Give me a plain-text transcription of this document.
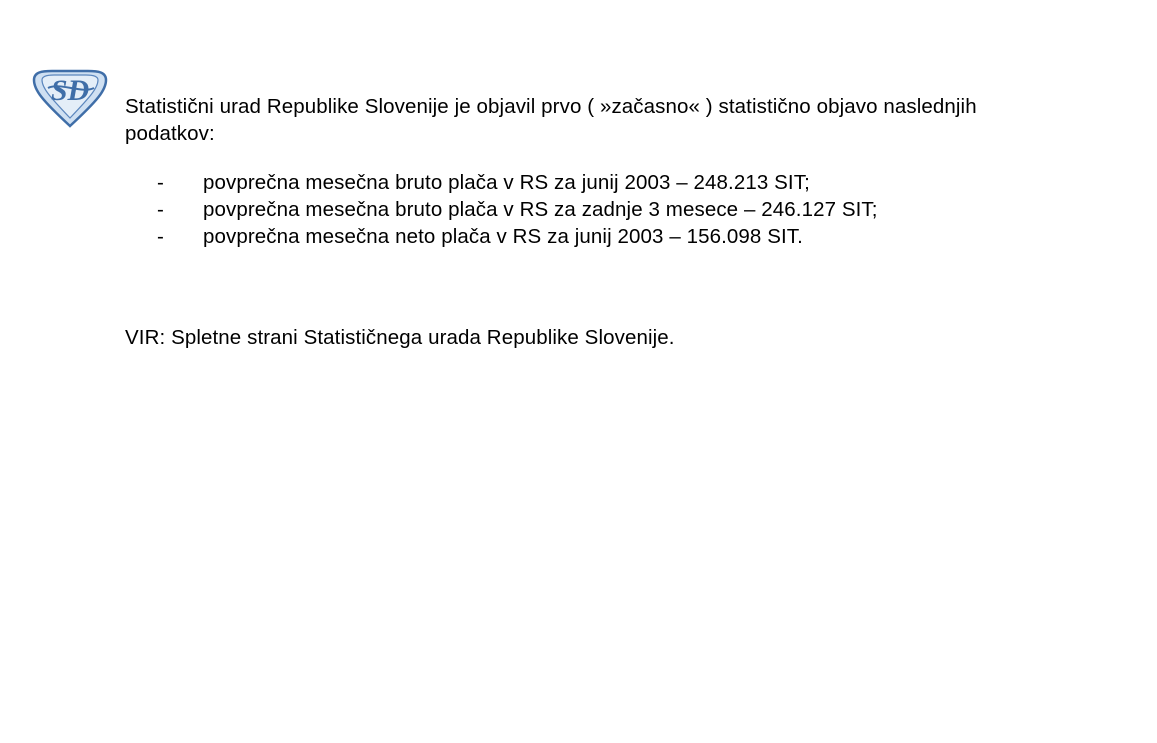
SD Statistični urad Republike Slovenije je objavil prvo ( »začasno« ) statistično objavo naslednjih podatkov:

-	povprečna mesečna bruto plača v RS za junij 2003 – 248.213 SIT;
-	povprečna mesečna bruto plača v RS za zadnje 3 mesece – 246.127 SIT;
-	povprečna mesečna neto plača v RS za junij 2003 – 156.098 SIT.

VIR: Spletne strani Statističnega urada Republike Slovenije.
